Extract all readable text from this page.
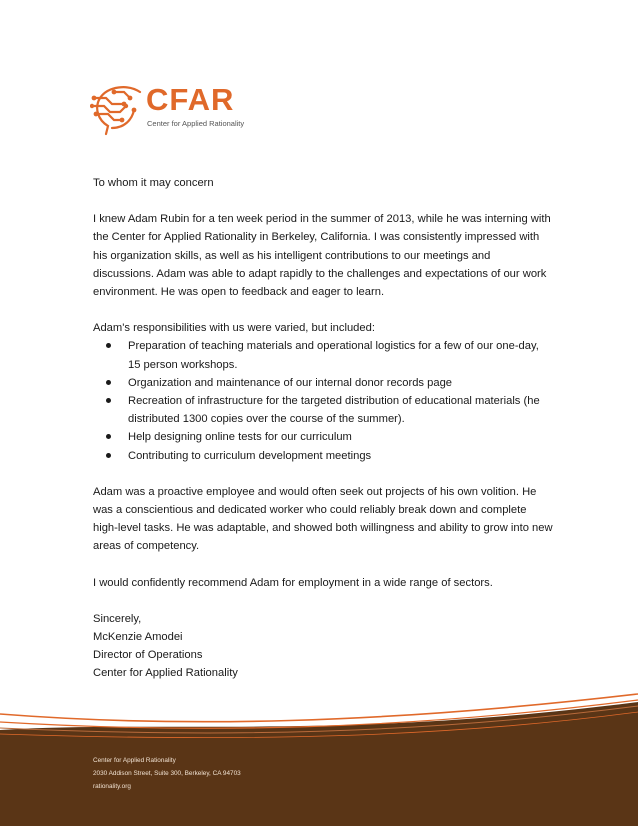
CFAR
Center for Applied Rationality

To whom it may concern

I knew Adam Rubin for a ten week period in the summer of 2013, while he was interning with the Center for Applied Rationality in Berkeley, California. I was consistently impressed with his organization skills, as well as his intelligent contributions to our meetings and discussions. Adam was able to adapt rapidly to the challenges and expectations of our work environment. He was open to feedback and eager to learn.

Adam's responsibilities with us were varied, but included:

Preparation of teaching materials and operational logistics for a few of our one-day, 15 person workshops.
Organization and maintenance of our internal donor records page
Recreation of infrastructure for the targeted distribution of educational materials (he distributed 1300 copies over the course of the summer).
Help designing online tests for our curriculum
Contributing to curriculum development meetings

Adam was a proactive employee and would often seek out projects of his own volition. He was a conscientious and dedicated worker who could reliably break down and complete high-level tasks. He was adaptable, and showed both willingness and ability to grow into new areas of competency.

I would confidently recommend Adam for employment in a wide range of sectors.

Sincerely,

McKenzie Amodei

Director of Operations

Center for Applied Rationality

Center for Applied Rationality
2030 Addison Street, Suite 300, Berkeley, CA 94703
rationality.org
